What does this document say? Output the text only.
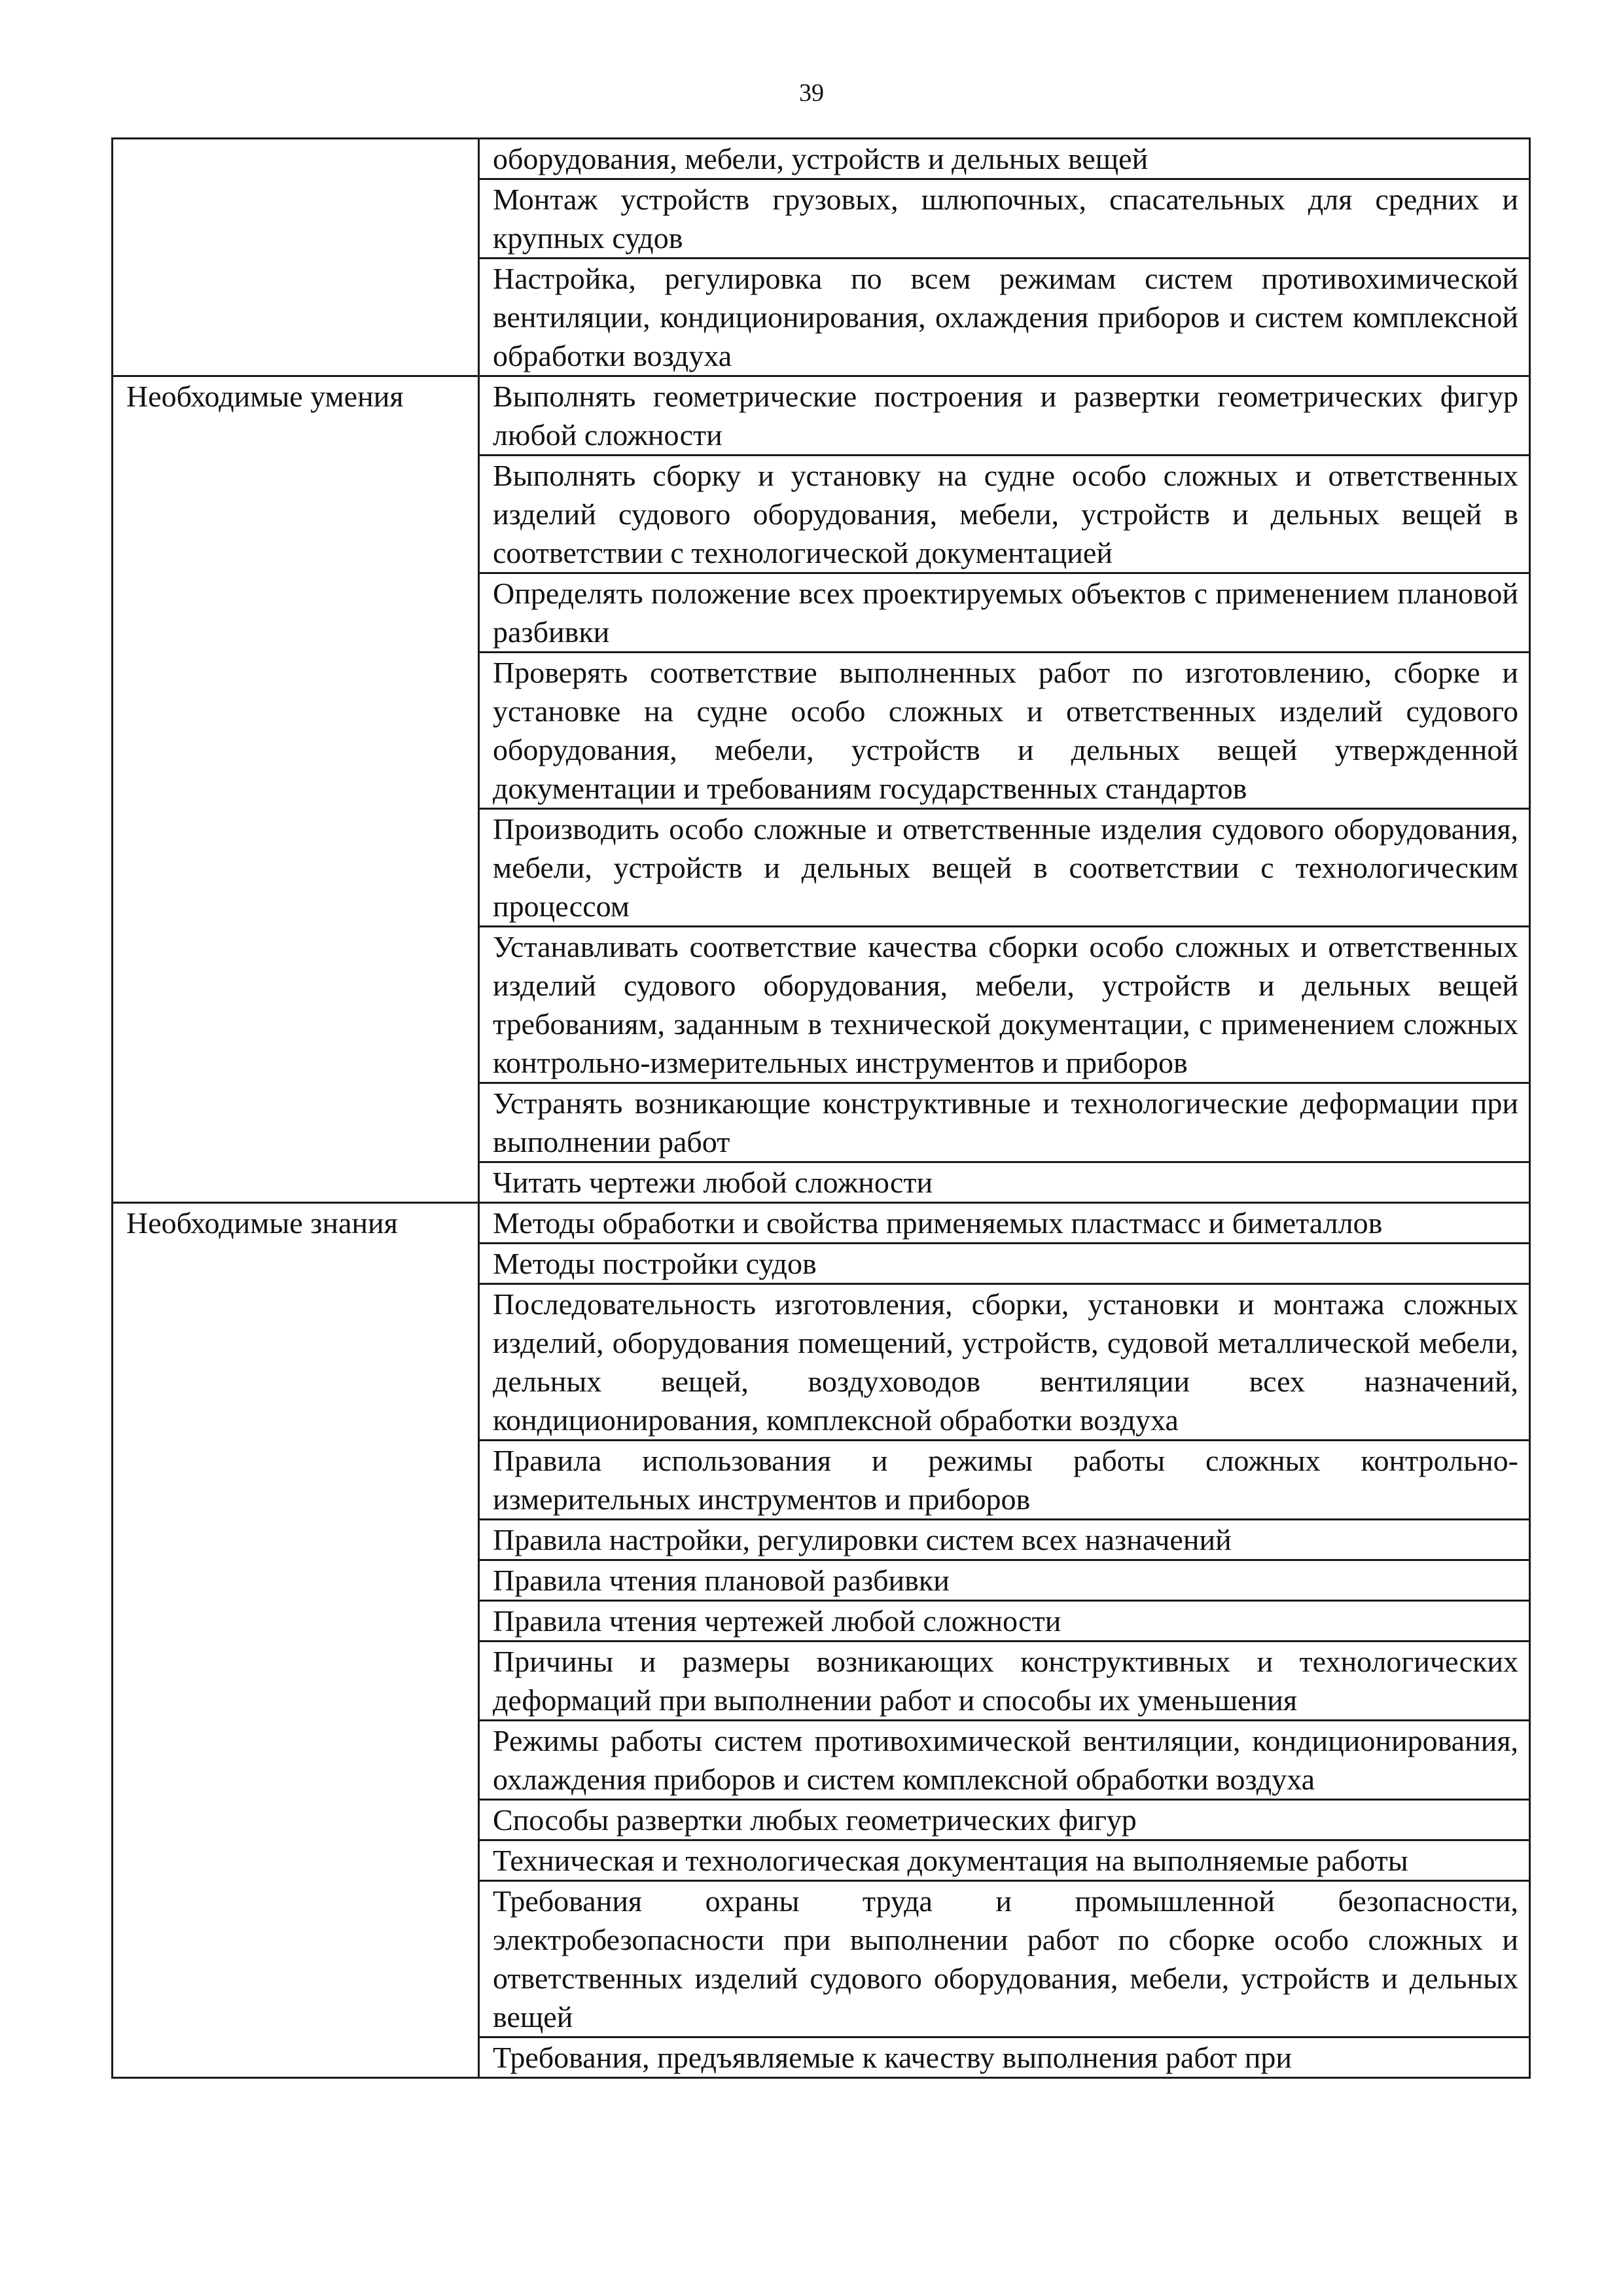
39
	оборудования, мебели, устройств и дельных вещей
	Монтаж устройств грузовых, шлюпочных, спасательных для средних и крупных судов
	Настройка, регулировка по всем режимам систем противохимической вентиляции, кондиционирования, охлаждения приборов и систем комплексной обработки воздуха
Необходимые умения	Выполнять геометрические построения и развертки геометрических фигур любой сложности
	Выполнять сборку и установку на судне особо сложных и ответственных изделий судового оборудования, мебели, устройств и дельных вещей в соответствии с технологической документацией
	Определять положение всех проектируемых объектов с применением плановой разбивки
	Проверять соответствие выполненных работ по изготовлению, сборке и установке на судне особо сложных и ответственных изделий судового оборудования, мебели, устройств и дельных вещей утвержденной документации и требованиям государственных стандартов
	Производить особо сложные и ответственные изделия судового оборудования, мебели, устройств и дельных вещей в соответствии с технологическим процессом
	Устанавливать соответствие качества сборки особо сложных и ответственных изделий судового оборудования, мебели, устройств и дельных вещей требованиям, заданным в технической документации, с применением сложных контрольно-измерительных инструментов и приборов
	Устранять возникающие конструктивные и технологические деформации при выполнении работ
	Читать чертежи любой сложности
Необходимые знания	Методы обработки и свойства применяемых пластмасс и биметаллов
	Методы постройки судов
	Последовательность изготовления, сборки, установки и монтажа сложных изделий, оборудования помещений, устройств, судовой металлической мебели, дельных вещей, воздуховодов вентиляции всех назначений, кондиционирования, комплексной обработки воздуха
	Правила использования и режимы работы сложных контрольно-измерительных инструментов и приборов
	Правила настройки, регулировки систем всех назначений
	Правила чтения плановой разбивки
	Правила чтения чертежей любой сложности
	Причины и размеры возникающих конструктивных и технологических деформаций при выполнении работ и способы их уменьшения
	Режимы работы систем противохимической вентиляции, кондиционирования, охлаждения приборов и систем комплексной обработки воздуха
	Способы развертки любых геометрических фигур
	Техническая и технологическая документация на выполняемые работы
	Требования охраны труда и промышленной безопасности, электробезопасности при выполнении работ по сборке особо сложных и ответственных изделий судового оборудования, мебели, устройств и дельных вещей
	Требования, предъявляемые к качеству выполнения работ при
